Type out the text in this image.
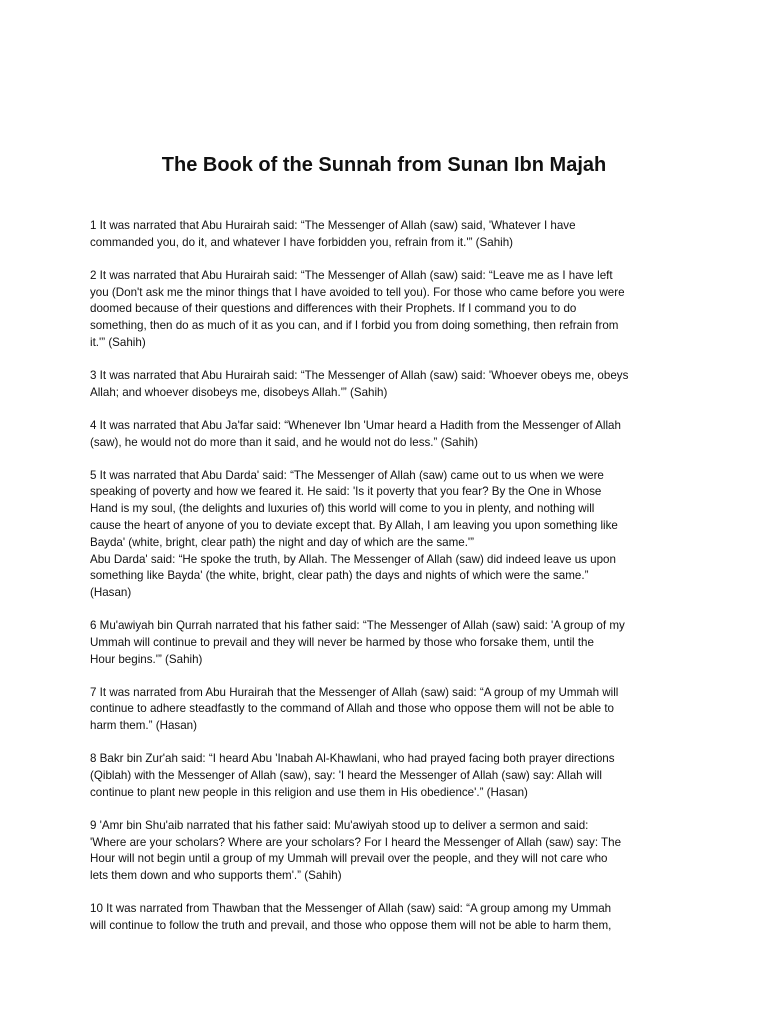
The Book of the Sunnah from Sunan Ibn Majah

1 It was narrated that Abu Hurairah said: “The Messenger of Allah (saw) said, 'Whatever I have
commanded you, do it, and whatever I have forbidden you, refrain from it.'” (Sahih)

2 It was narrated that Abu Hurairah said: “The Messenger of Allah (saw) said: “Leave me as I have left
you (Don't ask me the minor things that I have avoided to tell you). For those who came before you were
doomed because of their questions and differences with their Prophets. If I command you to do
something, then do as much of it as you can, and if I forbid you from doing something, then refrain from
it.'” (Sahih)

3 It was narrated that Abu Hurairah said: “The Messenger of Allah (saw) said: 'Whoever obeys me, obeys
Allah; and whoever disobeys me, disobeys Allah.'” (Sahih)

4 It was narrated that Abu Ja'far said: “Whenever Ibn 'Umar heard a Hadith from the Messenger of Allah
(saw), he would not do more than it said, and he would not do less.” (Sahih)

5 It was narrated that Abu Darda' said: “The Messenger of Allah (saw) came out to us when we were
speaking of poverty and how we feared it. He said: 'Is it poverty that you fear? By the One in Whose
Hand is my soul, (the delights and luxuries of) this world will come to you in plenty, and nothing will
cause the heart of anyone of you to deviate except that. By Allah, I am leaving you upon something like
Bayda' (white, bright, clear path) the night and day of which are the same.'”
Abu Darda' said: “He spoke the truth, by Allah. The Messenger of Allah (saw) did indeed leave us upon
something like Bayda' (the white, bright, clear path) the days and nights of which were the same.”
(Hasan)

6 Mu'awiyah bin Qurrah narrated that his father said: “The Messenger of Allah (saw) said: 'A group of my
Ummah will continue to prevail and they will never be harmed by those who forsake them, until the
Hour begins.'” (Sahih)

7 It was narrated from Abu Hurairah that the Messenger of Allah (saw) said: “A group of my Ummah will
continue to adhere steadfastly to the command of Allah and those who oppose them will not be able to
harm them.” (Hasan)

8 Bakr bin Zur'ah said: “I heard Abu 'Inabah Al-Khawlani, who had prayed facing both prayer directions
(Qiblah) with the Messenger of Allah (saw), say: 'I heard the Messenger of Allah (saw) say: Allah will
continue to plant new people in this religion and use them in His obedience'.” (Hasan)

9 'Amr bin Shu'aib narrated that his father said: Mu'awiyah stood up to deliver a sermon and said:
'Where are your scholars? Where are your scholars? For I heard the Messenger of Allah (saw) say: The
Hour will not begin until a group of my Ummah will prevail over the people, and they will not care who
lets them down and who supports them'.” (Sahih)

10 It was narrated from Thawban that the Messenger of Allah (saw) said: “A group among my Ummah
will continue to follow the truth and prevail, and those who oppose them will not be able to harm them,
